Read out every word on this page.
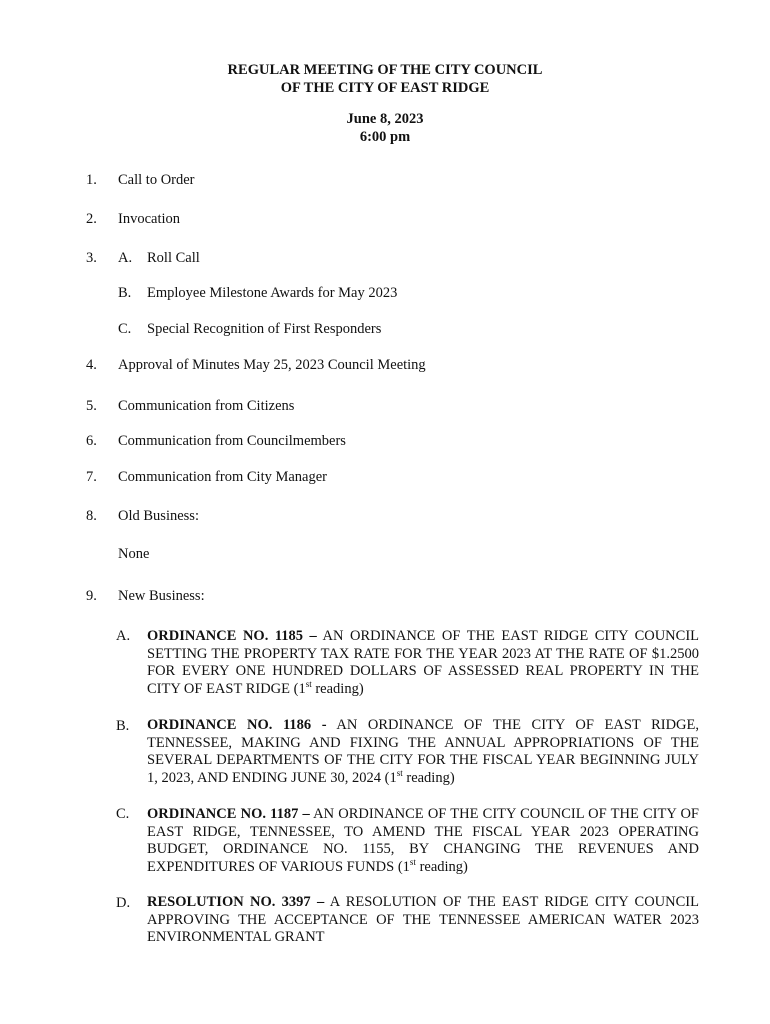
REGULAR MEETING OF THE CITY COUNCIL
OF THE CITY OF EAST RIDGE
June 8, 2023
6:00 pm
1. Call to Order
2. Invocation
3. A. Roll Call
B. Employee Milestone Awards for May 2023
C. Special Recognition of First Responders
4. Approval of Minutes May 25, 2023 Council Meeting
5. Communication from Citizens
6. Communication from Councilmembers
7. Communication from City Manager
8. Old Business:
None
9. New Business:
A. ORDINANCE NO. 1185 – AN ORDINANCE OF THE EAST RIDGE CITY COUNCIL SETTING THE PROPERTY TAX RATE FOR THE YEAR 2023 AT THE RATE OF $1.2500 FOR EVERY ONE HUNDRED DOLLARS OF ASSESSED REAL PROPERTY IN THE CITY OF EAST RIDGE (1st reading)
B. ORDINANCE NO. 1186 - AN ORDINANCE OF THE CITY OF EAST RIDGE, TENNESSEE, MAKING AND FIXING THE ANNUAL APPROPRIATIONS OF THE SEVERAL DEPARTMENTS OF THE CITY FOR THE FISCAL YEAR BEGINNING JULY 1, 2023, AND ENDING JUNE 30, 2024 (1st reading)
C. ORDINANCE NO. 1187 – AN ORDINANCE OF THE CITY COUNCIL OF THE CITY OF EAST RIDGE, TENNESSEE, TO AMEND THE FISCAL YEAR 2023 OPERATING BUDGET, ORDINANCE NO. 1155, BY CHANGING THE REVENUES AND EXPENDITURES OF VARIOUS FUNDS (1st reading)
D. RESOLUTION NO. 3397 – A RESOLUTION OF THE EAST RIDGE CITY COUNCIL APPROVING THE ACCEPTANCE OF THE TENNESSEE AMERICAN WATER 2023 ENVIRONMENTAL GRANT
